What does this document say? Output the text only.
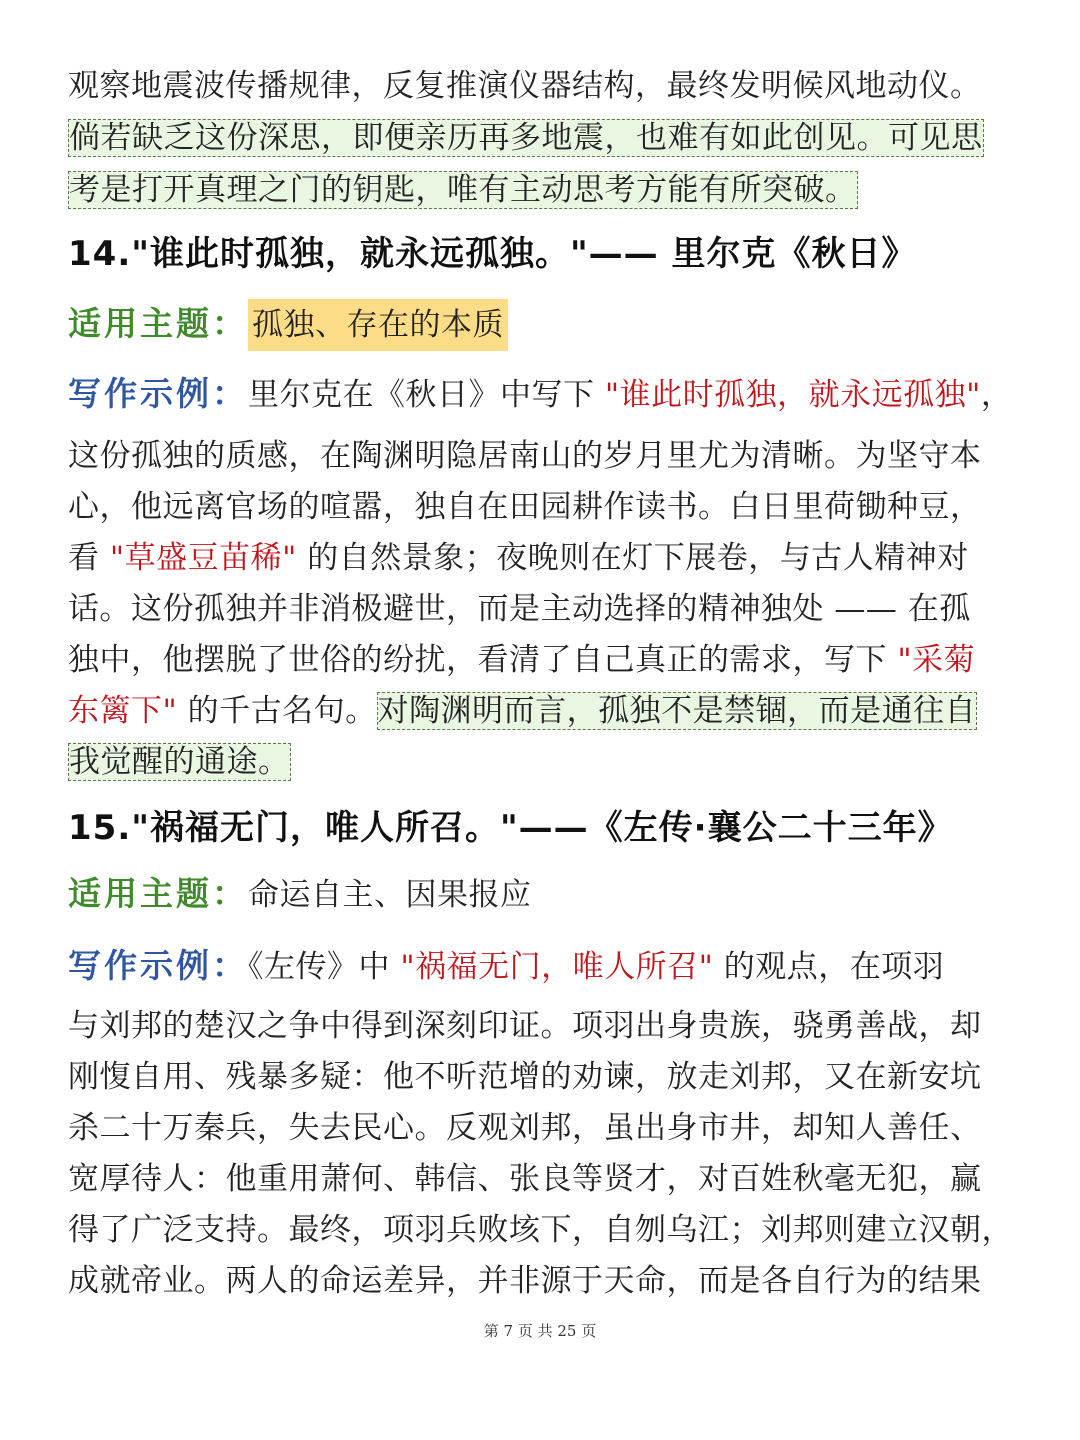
观察地震波传播规律，反复推演仪器结构，最终发明候风地动仪。
倘若缺乏这份深思，即便亲历再多地震，也难有如此创见。可见思
考是打开真理之门的钥匙，唯有主动思考方能有所突破。
14."谁此时孤独，就永远孤独。"—— 里尔克《秋日》
适用主题： 孤独、存在的本质
写作示例：里尔克在《秋日》中写下 "谁此时孤独，就永远孤独"，
这份孤独的质感，在陶渊明隐居南山的岁月里尤为清晰。为坚守本
心，他远离官场的喧嚣，独自在田园耕作读书。白日里荷锄种豆，
看 "草盛豆苗稀" 的自然景象；夜晚则在灯下展卷，与古人精神对
话。这份孤独并非消极避世，而是主动选择的精神独处 —— 在孤
独中，他摆脱了世俗的纷扰，看清了自己真正的需求，写下 "采菊
东篱下" 的千古名句。对陶渊明而言，孤独不是禁锢，而是通往自
我觉醒的通途。
15."祸福无门，唯人所召。"——《左传·襄公二十三年》
适用主题：命运自主、因果报应
写作示例：《左传》中 "祸福无门，唯人所召" 的观点，在项羽
与刘邦的楚汉之争中得到深刻印证。项羽出身贵族，骁勇善战，却
刚愎自用、残暴多疑：他不听范增的劝谏，放走刘邦，又在新安坑
杀二十万秦兵，失去民心。反观刘邦，虽出身市井，却知人善任、
宽厚待人：他重用萧何、韩信、张良等贤才，对百姓秋毫无犯，赢
得了广泛支持。最终，项羽兵败垓下，自刎乌江；刘邦则建立汉朝，
成就帝业。两人的命运差异，并非源于天命，而是各自行为的结果
第 7 页 共 25 页
